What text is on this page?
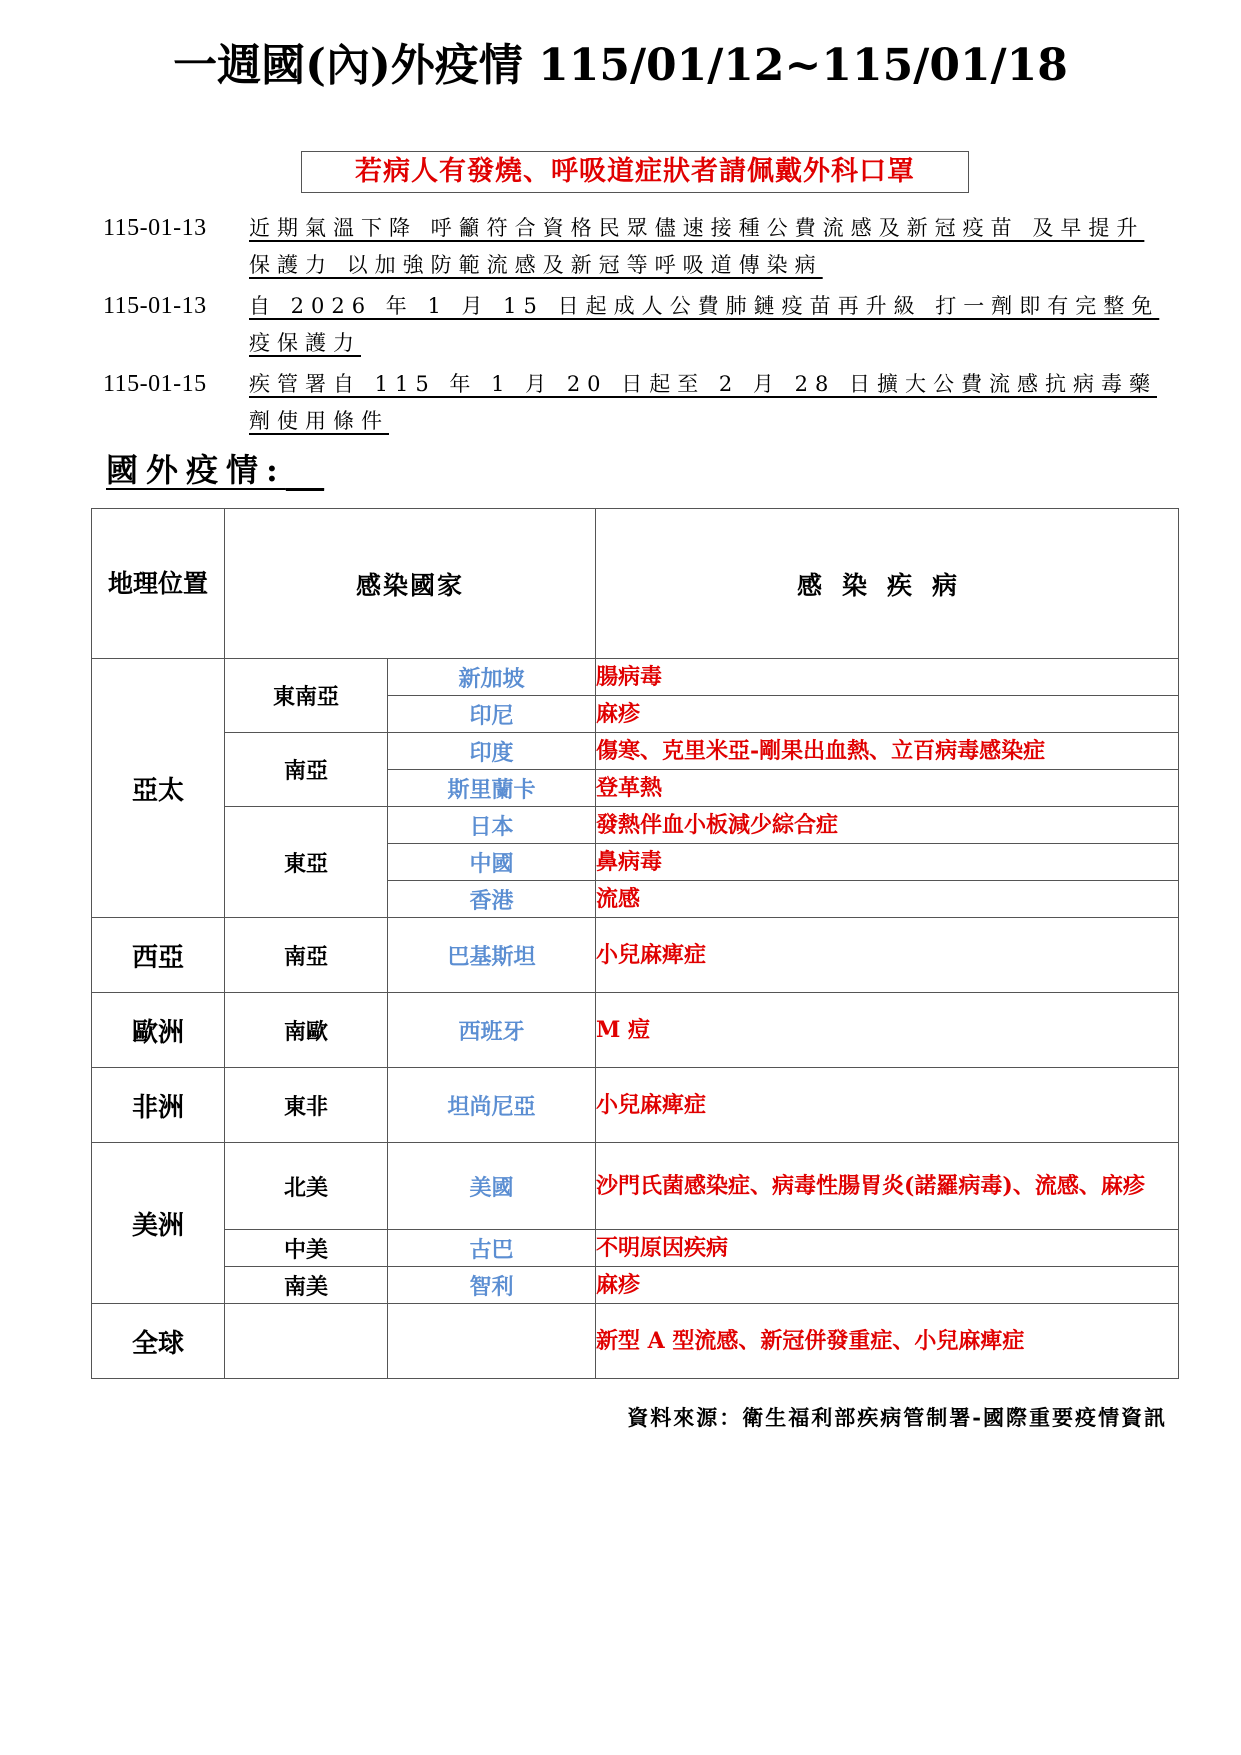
一週國(內)外疫情 115/01/12~115/01/18
若病人有發燒、呼吸道症狀者請佩戴外科口罩
115-01-13	近期氣溫下降 呼籲符合資格民眾儘速接種公費流感及新冠疫苗 及早提升保護力 以加強防範流感及新冠等呼吸道傳染病
115-01-13	自 2026 年 1 月 15 日起成人公費肺鏈疫苗再升級 打一劑即有完整免疫保護力
115-01-15	疾管署自 115 年 1 月 20 日起至 2 月 28 日擴大公費流感抗病毒藥劑使用條件
國外疫情:
地理位置	感染國家		感染疾病
亞太	東南亞	新加坡	腸病毒
		印尼	麻疹
	南亞	印度	傷寒、克里米亞-剛果出血熱、立百病毒感染症
		斯里蘭卡	登革熱
	東亞	日本	發熱伴血小板減少綜合症
		中國	鼻病毒
		香港	流感
西亞	南亞	巴基斯坦	小兒麻痺症
歐洲	南歐	西班牙	M 痘
非洲	東非	坦尚尼亞	小兒麻痺症
美洲	北美	美國	沙門氏菌感染症、病毒性腸胃炎(諾羅病毒)、流感、麻疹
	中美	古巴	不明原因疾病
	南美	智利	麻疹
全球			新型 A 型流感、新冠併發重症、小兒麻痺症
資料來源：衛生福利部疾病管制署-國際重要疫情資訊
